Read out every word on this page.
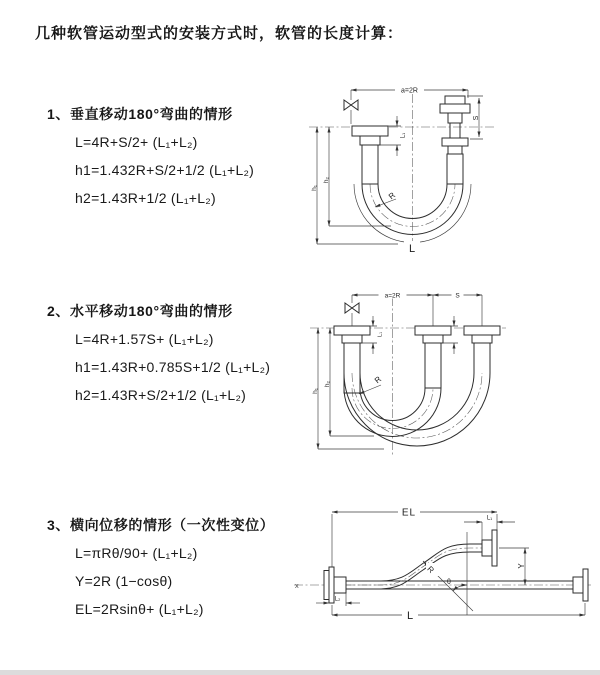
几种软管运动型式的安装方式时，软管的长度计算：
1、垂直移动180°弯曲的情形
L=4R+S/2+ (L₁+L₂)
h1=1.432R+S/2+1/2 (L₁+L₂)
h2=1.43R+1/2 (L₁+L₂)
2、水平移动180°弯曲的情形
L=4R+1.57S+ (L₁+L₂)
h1=1.43R+0.785S+1/2 (L₁+L₂)
h2=1.43R+S/2+1/2 (L₁+L₂)
3、横向位移的情形（一次性变位）
L=πRθ/90+ (L₁+L₂)
Y=2R (1−cosθ)
EL=2Rsinθ+ (L₁+L₂)
a=2R
S
L₁
h₁
h₂
R
L
a=2R	S
h₁
h₂
L₁
R
X
θ
R
EL	L₁
Y
L
L₂
